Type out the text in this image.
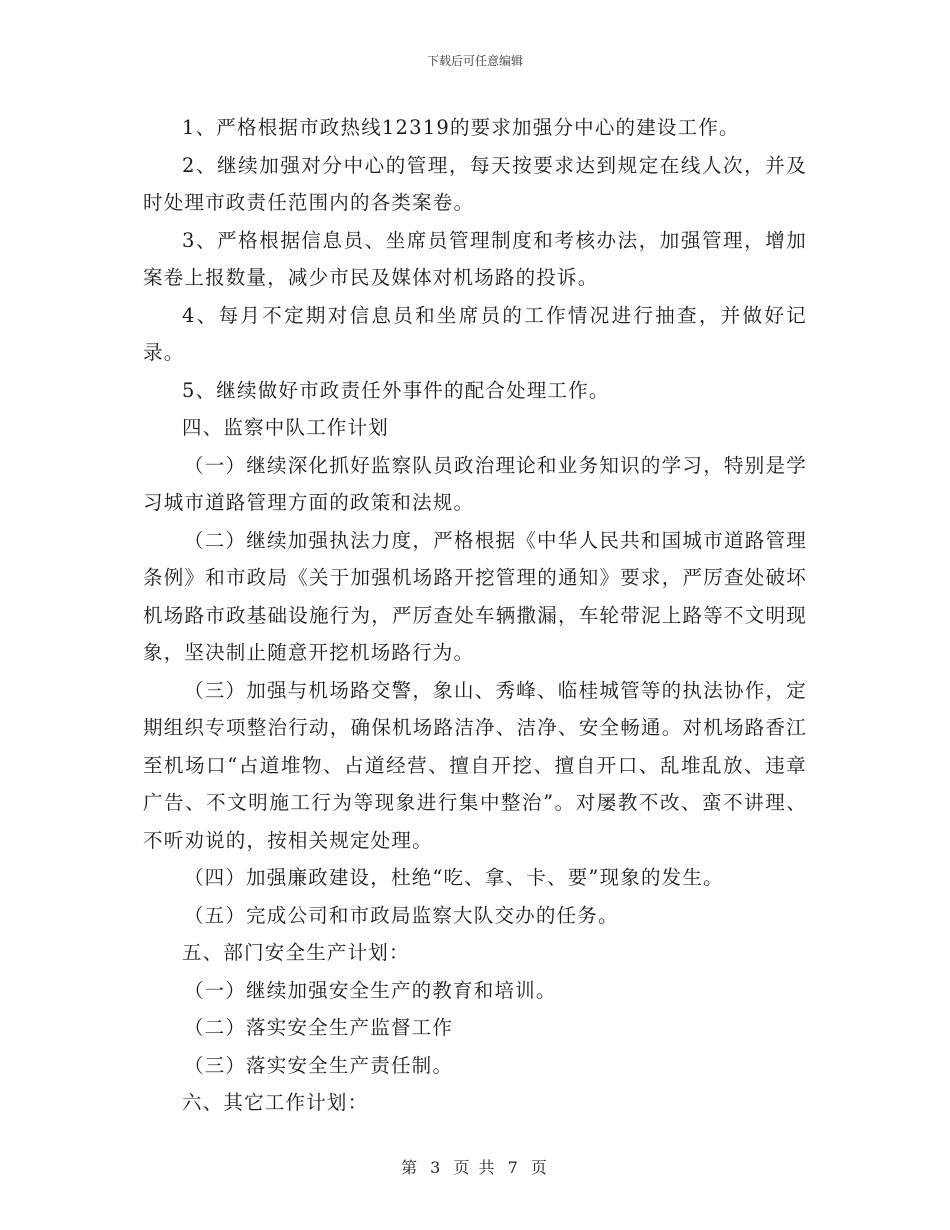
下载后可任意编辑

1、严格根据市政热线12319的要求加强分中心的建设工作。

2、继续加强对分中心的管理，每天按要求达到规定在线人次，并及时处理市政责任范围内的各类案卷。

3、严格根据信息员、坐席员管理制度和考核办法，加强管理，增加案卷上报数量，减少市民及媒体对机场路的投诉。

4、每月不定期对信息员和坐席员的工作情况进行抽查，并做好记录。

5、继续做好市政责任外事件的配合处理工作。

四、监察中队工作计划

（一）继续深化抓好监察队员政治理论和业务知识的学习，特别是学习城市道路管理方面的政策和法规。

（二）继续加强执法力度，严格根据《中华人民共和国城市道路管理条例》和市政局《关于加强机场路开挖管理的通知》要求，严厉查处破坏机场路市政基础设施行为，严厉查处车辆撒漏，车轮带泥上路等不文明现象，坚决制止随意开挖机场路行为。

（三）加强与机场路交警，象山、秀峰、临桂城管等的执法协作，定期组织专项整治行动，确保机场路洁净、洁净、安全畅通。对机场路香江至机场口“占道堆物、占道经营、擅自开挖、擅自开口、乱堆乱放、违章广告、不文明施工行为等现象进行集中整治”。对屡教不改、蛮不讲理、不听劝说的，按相关规定处理。

（四）加强廉政建设，杜绝“吃、拿、卡、要”现象的发生。

（五）完成公司和市政局监察大队交办的任务。

五、部门安全生产计划：

（一）继续加强安全生产的教育和培训。

（二）落实安全生产监督工作

（三）落实安全生产责任制。

六、其它工作计划：

第 3 页 共 7 页
